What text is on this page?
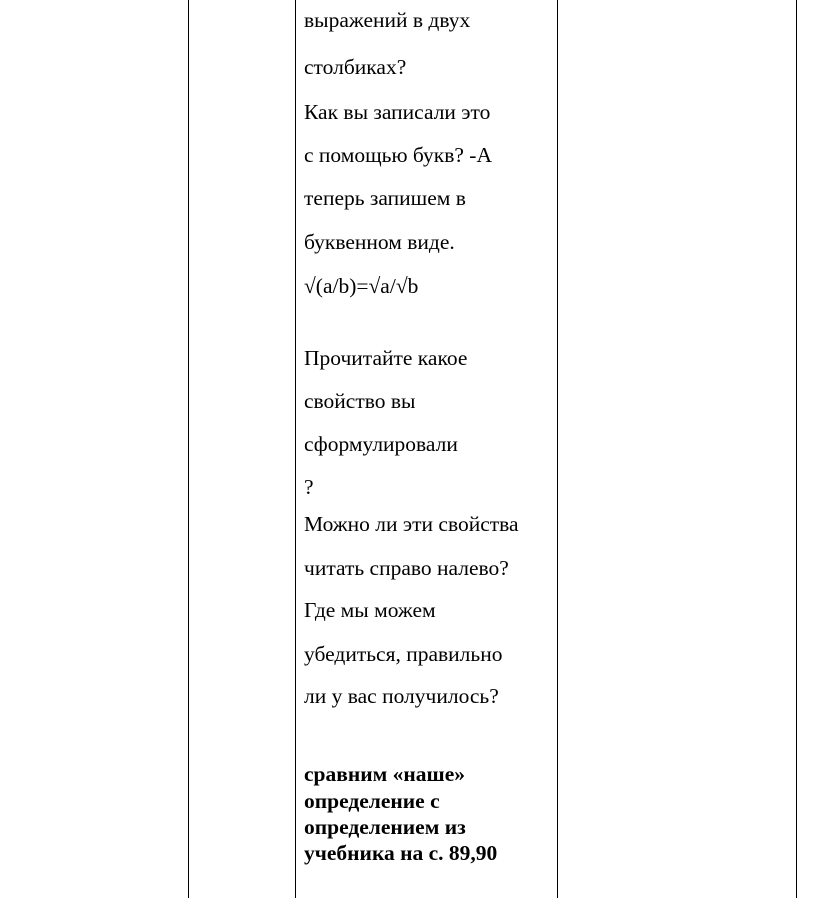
выражений в двух
столбиках?
Как вы записали это
с помощью букв? -А
теперь запишем в
буквенном виде.
√(a/b)=√a/√b
Прочитайте какое
свойство вы
сформулировали
?
Можно ли эти свойства
читать справо налево?
Где мы можем
убедиться, правильно
ли у вас получилось?
сравним «наше»
определение с
определением из
учебника на с. 89,90
